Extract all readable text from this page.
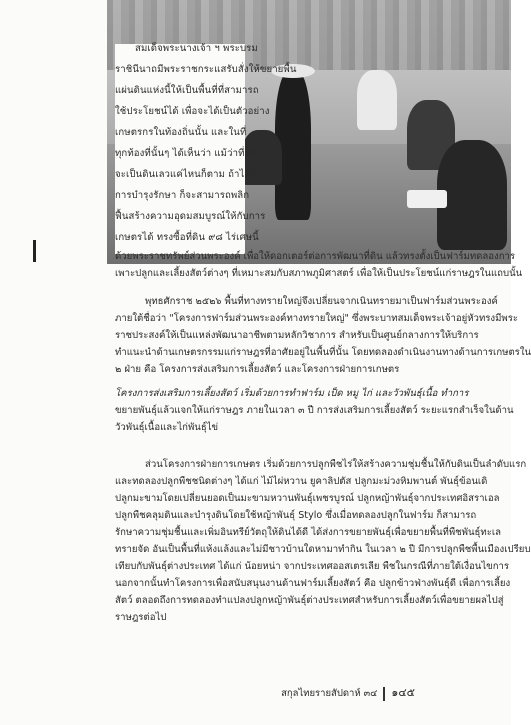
สมเด็จพระนางเจ้า ฯ พระบรม
ราชินีนาถมีพระราชกระแสรับสั่งให้ขยายพื้น
แผ่นดินแห่งนี้ให้เป็นพื้นที่ที่สามารถ
ใช้ประโยชน์ได้ เพื่อจะได้เป็นตัวอย่าง
เกษตรกรในท้องถิ่นนั้น และในที่
ทุกท้องที่นั้นๆ ได้เห็นว่า แม้ว่าที่ดิน
จะเป็นดินเลวแค่ไหนก็ตาม ถ้าได้มี
การบำรุงรักษา ก็จะสามารถพลิก
ฟื้นสร้างความอุดมสมบูรณ์ให้กับการ
เกษตรได้ ทรงซื้อที่ดิน ๙๘ ไร่เศษนี้
ด้วยพระราชทรัพย์ส่วนพระองค์ เพื่อให้ดอกเตอร์ต่อการพัฒนาที่ดิน แล้วทรงตั้งเป็นฟาร์มทดลองการ
เพาะปลูกและเลี้ยงสัตว์ต่างๆ ที่เหมาะสมกับสภาพภูมิศาสตร์ เพื่อให้เป็นประโยชน์แก่ราษฎรในแถบนั้น
พุทธศักราช ๒๕๒๖ พื้นที่ทางทรายใหญ่จึงเปลี่ยนจากเนินทรายมาเป็นฟาร์มส่วนพระองค์
ภายใต้ชื่อว่า "โครงการฟาร์มส่วนพระองค์ทางทรายใหญ่" ซึ่งพระบาทสมเด็จพระเจ้าอยู่หัวทรงมีพระ
ราชประสงค์ให้เป็นแหล่งพัฒนาอาชีพตามหลักวิชาการ สำหรับเป็นศูนย์กลางการให้บริการ
ทำแนะนำด้านเกษตรกรรมแก่ราษฎรที่อาศัยอยู่ในพื้นที่นั้น โดยทดลองดำเนินงานทางด้านการเกษตรใน
๒ ฝ่าย คือ โครงการส่งเสริมการเลี้ยงสัตว์ และโครงการฝ่ายการเกษตร
โครงการส่งเสริมการเลี้ยงสัตว์ เริ่มด้วยการทำฟาร์ม เป็ด หมู ไก่ และวัวพันธุ์เนื้อ ทำการ
ขยายพันธุ์แล้วแจกให้แก่ราษฎร ภายในเวลา ๓ ปี การส่งเสริมการเลี้ยงสัตว์ ระยะแรกสำเร็จในด้าน
วัวพันธุ์เนื้อและไก่พันธุ์ไข่
ส่วนโครงการฝ่ายการเกษตร เริ่มด้วยการปลูกพืชไร่ให้สร้างความชุ่มชื้นให้กับดินเป็นลำดับแรก
และทดลองปลูกพืชชนิดต่างๆ ได้แก่ ไม้ไผ่หวาน ยูคาลิปตัส ปลูกมะม่วงหิมพานต์ พันธุ์ข้อนเดิ
ปลูกมะขามโดยเปลี่ยนยอดเป็นมะขามหวานพันธุ์เพชรบูรณ์ ปลูกหญ้าพันธุ์จากประเทศอิสราเอล
ปลูกพืชคลุมดินและบำรุงดินโดยใช้หญ้าพันธุ์ Stylo ซึ่งเมื่อทดลองปลูกในฟาร์ม ก็สามารถ
รักษาความชุ่มชื้นและเพิ่มอินทรีย์วัตถุให้ดินได้ดี ได้ส่งการขยายพันธุ์เพื่อขยายพื้นที่พืชพันธุ์ทะเล
ทรายจัด อันเป็นพื้นที่แห้งแล้งและไม่มีชาวบ้านใดหามาทำกิน ในเวลา ๒ ปี มีการปลูกพืชพื้นเมืองเปรียบ
เทียบกับพันธุ์ต่างประเทศ ได้แก่ น้อยหน่า จากประเทศออสเตรเลีย พืชในกรณีที่ภายใต้เงื่อนไขการ
นอกจากนั้นทำโครงการเพื่อสนับสนุนงานด้านฟาร์มเลี้ยงสัตว์ คือ ปลูกข้าวฟ่างพันธุ์ดี เพื่อการเลี้ยง
สัตว์ ตลอดถึงการทดลองทำแปลงปลูกหญ้าพันธุ์ต่างประเทศสำหรับการเลี้ยงสัตว์เพื่อขยายผลไปสู่
ราษฎรต่อไป
สกุลไทยรายสัปดาห์ ๓๔ ๑๔๕
